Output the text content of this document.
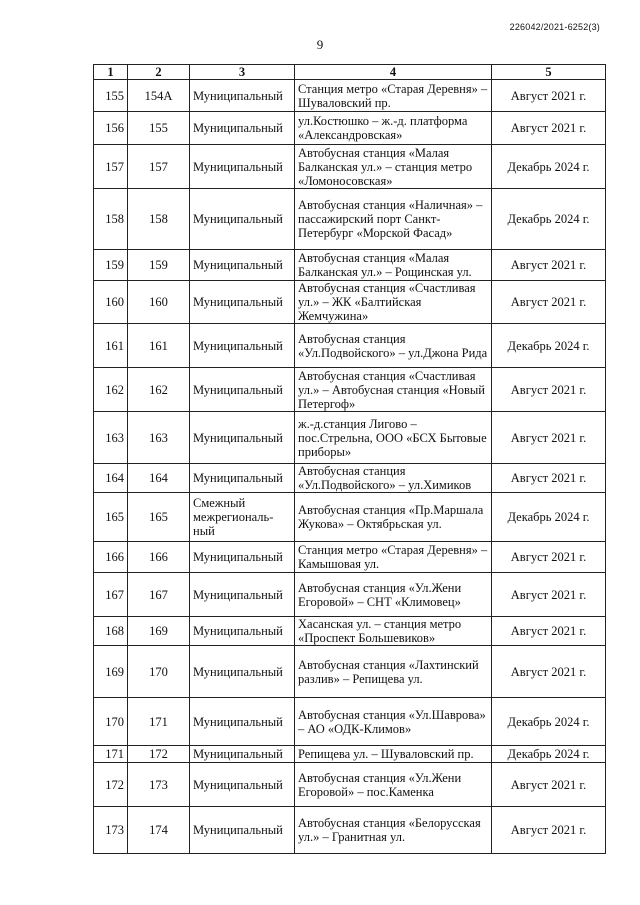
226042/2021-6252(3)
9
1	2	3	4	5
155	154А	Муниципальный	Станция метро «Старая Деревня» – Шуваловский пр.	Август 2021 г.
156	155	Муниципальный	ул.Костюшко – ж.-д. платформа «Александровская»	Август 2021 г.
157	157	Муниципальный	Автобусная станция «Малая Балканская ул.» – станция метро «Ломоносовская»	Декабрь 2024 г.
158	158	Муниципальный	Автобусная станция «Наличная» – пассажирский порт Санкт-Петербург «Морской Фасад»	Декабрь 2024 г.
159	159	Муниципальный	Автобусная станция «Малая Балканская ул.» – Рощинская ул.	Август 2021 г.
160	160	Муниципальный	Автобусная станция «Счастливая ул.» – ЖК «Балтийская Жемчужина»	Август 2021 г.
161	161	Муниципальный	Автобусная станция «Ул.Подвойского» – ул.Джона Рида	Декабрь 2024 г.
162	162	Муниципальный	Автобусная станция «Счастливая ул.» – Автобусная станция «Новый Петергоф»	Август 2021 г.
163	163	Муниципальный	ж.-д.станция Лигово – пос.Стрельна, ООО «БСХ Бытовые приборы»	Август 2021 г.
164	164	Муниципальный	Автобусная станция «Ул.Подвойского» – ул.Химиков	Август 2021 г.
165	165	Смежный межрегиональ-ный	Автобусная станция «Пр.Маршала Жукова» – Октябрьская ул.	Декабрь 2024 г.
166	166	Муниципальный	Станция метро «Старая Деревня» – Камышовая ул.	Август 2021 г.
167	167	Муниципальный	Автобусная станция «Ул.Жени Егоровой» – СНТ «Климовец»	Август 2021 г.
168	169	Муниципальный	Хасанская ул. – станция метро «Проспект Большевиков»	Август 2021 г.
169	170	Муниципальный	Автобусная станция «Лахтинский разлив» – Репищева ул.	Август 2021 г.
170	171	Муниципальный	Автобусная станция «Ул.Шаврова» – АО «ОДК-Климов»	Декабрь 2024 г.
171	172	Муниципальный	Репищева ул. – Шуваловский пр.	Декабрь 2024 г.
172	173	Муниципальный	Автобусная станция «Ул.Жени Егоровой» – пос.Каменка	Август 2021 г.
173	174	Муниципальный	Автобусная станция «Белорусская ул.» – Гранитная ул.	Август 2021 г.
